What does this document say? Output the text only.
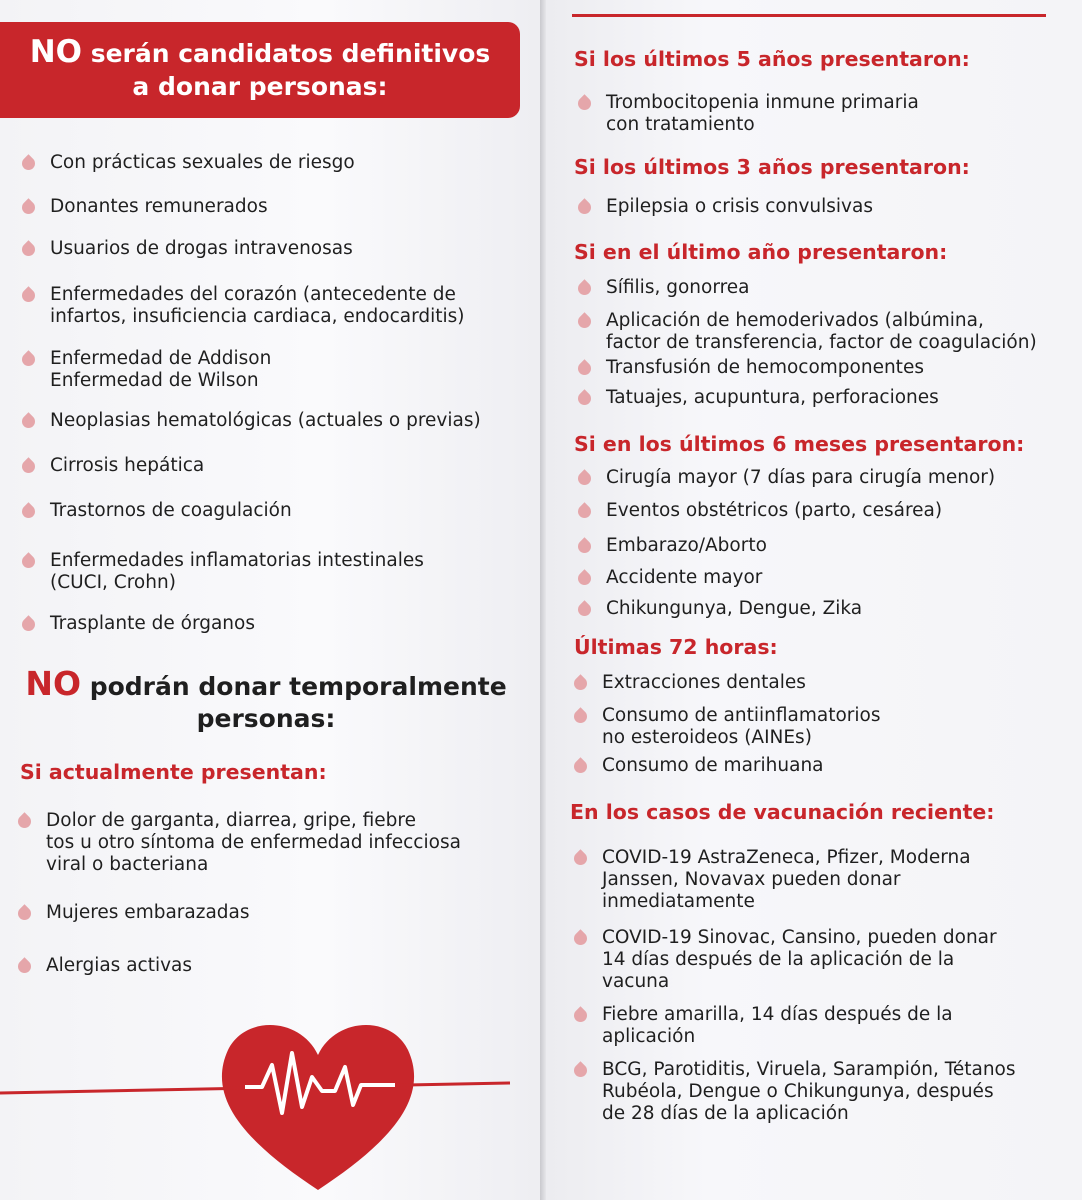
NO serán candidatos definitivos
a donar personas:
NO podrán donar temporalmente
personas:
Si actualmente presentan:
Con prácticas sexuales de riesgo
Donantes remunerados
Usuarios de drogas intravenosas
Enfermedades del corazón (antecedente de
infartos, insuficiencia cardiaca, endocarditis)
Enfermedad de Addison
Enfermedad de Wilson
Neoplasias hematológicas (actuales o previas)
Cirrosis hepática
Trastornos de coagulación
Enfermedades inflamatorias intestinales
(CUCI, Crohn)
Trasplante de órganos
Dolor de garganta, diarrea, gripe, fiebre
tos u otro síntoma de enfermedad infecciosa
viral o bacteriana
Mujeres embarazadas
Alergias activas
Si los últimos 5 años presentaron:
Trombocitopenia inmune primaria
con tratamiento
Si los últimos 3 años presentaron:
Epilepsia o crisis convulsivas
Si en el último año presentaron:
Sífilis, gonorrea
Aplicación de hemoderivados (albúmina,
factor de transferencia, factor de coagulación)
Transfusión de hemocomponentes
Tatuajes, acupuntura, perforaciones
Si en los últimos 6 meses presentaron:
Cirugía mayor (7 días para cirugía menor)
Eventos obstétricos (parto, cesárea)
Embarazo/Aborto
Accidente mayor
Chikungunya, Dengue, Zika
Últimas 72 horas:
Extracciones dentales
Consumo de antiinflamatorios
no esteroideos (AINEs)
Consumo de marihuana
En los casos de vacunación reciente:
COVID-19 AstraZeneca, Pfizer, Moderna
Janssen, Novavax pueden donar
inmediatamente
COVID-19 Sinovac, Cansino, pueden donar
14 días después de la aplicación de la
vacuna
Fiebre amarilla, 14 días después de la
aplicación
BCG, Parotiditis, Viruela, Sarampión, Tétanos
Rubéola, Dengue o Chikungunya, después
de 28 días de la aplicación
